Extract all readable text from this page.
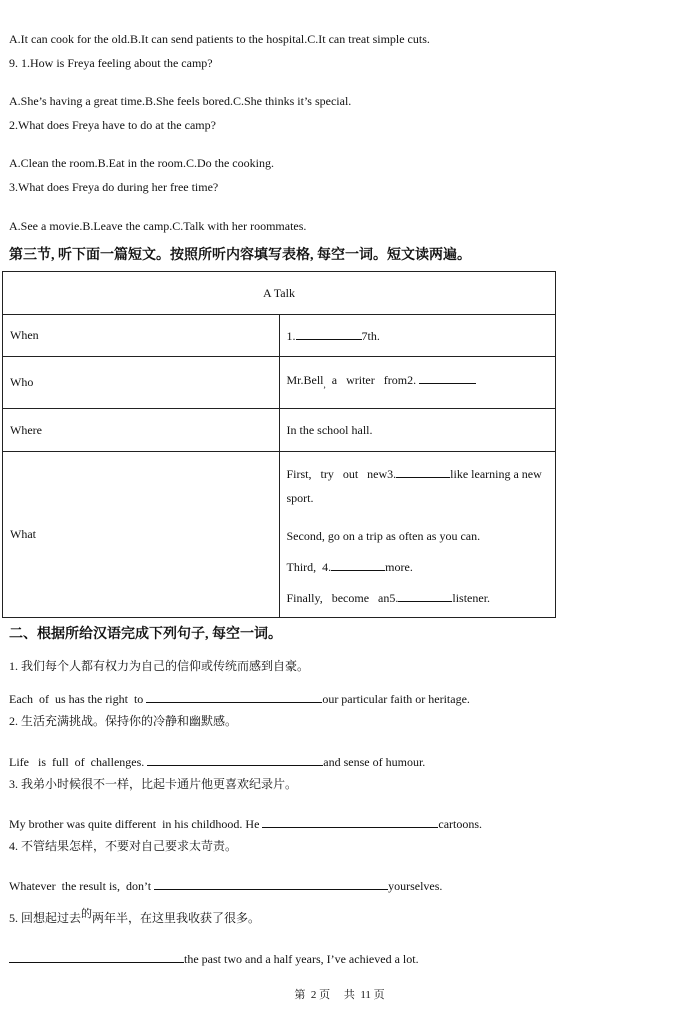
A.It can cook for the old.B.It can send patients to the hospital.C.It can treat simple cuts.
9. 1.How is Freya feeling about the camp?
A.She’s having a great time.B.She feels bored.C.She thinks it’s special.
2.What does Freya have to do at the camp?
A.Clean the room.B.Eat in the room.C.Do the cooking.
3.What does Freya do during her free time?
A.See a movie.B.Leave the camp.C.Talk with her roommates.
第三节, 听下面一篇短文。按照所听内容填写表格, 每空一词。短文读两遍。
A Talk	
When	1. 7th.
Who	Mr.Bell$_,$  a   writer   from2.
Where	In the school hall.
What	First,   try   out   new3. like learning a new
sport.
Second, go on a trip as often as you can.
Third,  4. more.
Finally,   become   an5. listener.
二、根据所给汉语完成下列句子, 每空一词。
1. 我们每个人都有权力为自己的信仰或传统而感到自豪。
Each  of  us has the right  to	our particular faith or heritage.
2. 生活充满挑战。保持你的冷静和幽默感。
Life   is  full  of  challenges.	and sense of humour.
3. 我弟小时候很不一样，比起卡通片他更喜欢纪录片。
My brother was quite different  in his childhood. He	cartoons.
4. 不管结果怎样，不要对自己要求太苛责。
Whatever  the result is,  don’t	yourselves.
5. 回想起过去$^的$两年半，在这里我收获了很多。
the past two and a half years, I’ve achieved a lot.
第  2 页     共  11 页
